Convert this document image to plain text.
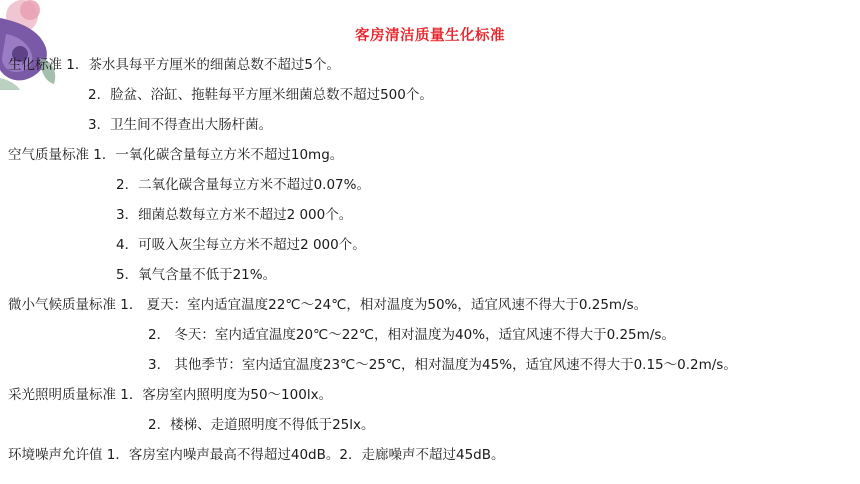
客房清洁质量生化标准
生化标准 1．茶水具每平方厘米的细菌总数不超过5个。
2．脸盆、浴缸、拖鞋每平方厘米细菌总数不超过500个。
3．卫生间不得查出大肠杆菌。
空气质量标准 1．一氧化碳含量每立方米不超过10mg。
2．二氧化碳含量每立方米不超过0.07%。
3．细菌总数每立方米不超过2 000个。
4．可吸入灰尘每立方米不超过2 000个。
5．氧气含量不低于21%。
微小气候质量标准 1． 夏天：室内适宜温度22℃～24℃，相对温度为50%，适宜风速不得大于0.25m/s。
2． 冬天：室内适宜温度20℃～22℃，相对温度为40%，适宜风速不得大于0.25m/s。
3． 其他季节：室内适宜温度23℃～25℃，相对温度为45%，适宜风速不得大于0.15～0.2m/s。
采光照明质量标准 1．客房室内照明度为50～100lx。
2．楼梯、走道照明度不得低于25lx。
环境噪声允许值 1．客房室内噪声最高不得超过40dB。2．走廊噪声不超过45dB。
